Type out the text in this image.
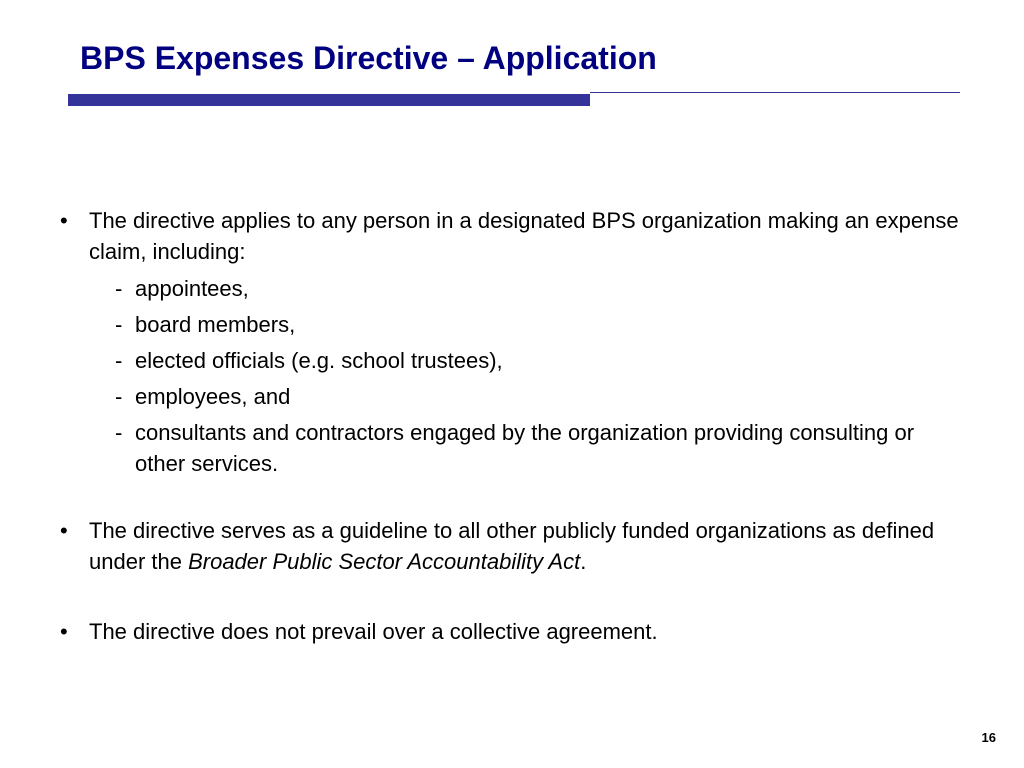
BPS Expenses Directive – Application
• The directive applies to any person in a designated BPS organization making an expense claim, including:
- appointees,
- board members,
- elected officials (e.g. school trustees),
- employees, and
- consultants and contractors engaged by the organization providing consulting or other services.
• The directive serves as a guideline to all other publicly funded organizations as defined under the Broader Public Sector Accountability Act.
• The directive does not prevail over a collective agreement.
16
